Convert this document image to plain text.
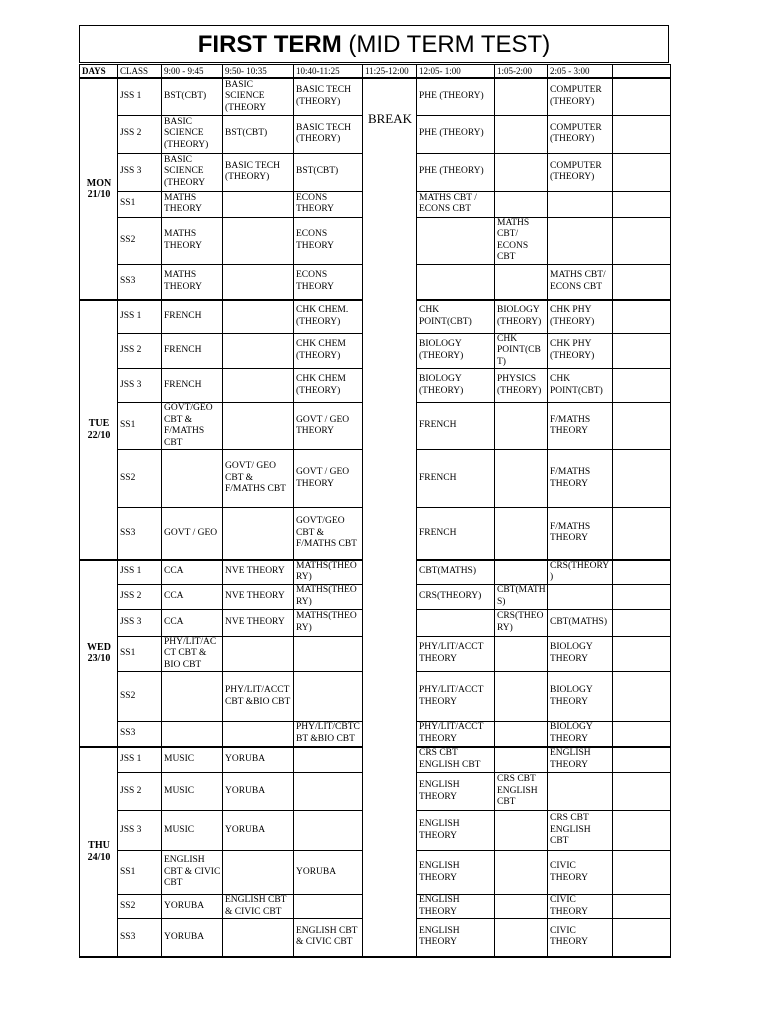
FIRST TERM (MID TERM TEST)
DAYS	CLASS	9:00 - 9:45	9:50- 10:35	10:40-11:25	11:25-12:00	12:05- 1:00	1:05-2:00	2:05 - 3:00	
MON
21/10	JSS 1	BST(CBT)	BASIC SCIENCE (THEORY	BASIC TECH (THEORY)	BREAK	PHE (THEORY)		COMPUTER (THEORY)	
	JSS 2	BASIC SCIENCE (THEORY)	BST(CBT)	BASIC TECH (THEORY)		PHE (THEORY)		COMPUTER (THEORY)	
	JSS 3	BASIC SCIENCE (THEORY	BASIC TECH (THEORY)	BST(CBT)		PHE (THEORY)		COMPUTER (THEORY)	
	SS1	MATHS THEORY		ECONS THEORY		MATHS CBT / ECONS CBT			
	SS2	MATHS THEORY		ECONS THEORY			MATHS CBT/ ECONS CBT		
	SS3	MATHS THEORY		ECONS THEORY				MATHS CBT/ ECONS CBT	
TUE
22/10	JSS 1	FRENCH		CHK CHEM. (THEORY)		CHK POINT(CBT)	BIOLOGY (THEORY)	CHK PHY (THEORY)	
	JSS 2	FRENCH		CHK CHEM (THEORY)		BIOLOGY (THEORY)	CHK POINT(CBT)	CHK PHY (THEORY)	
	JSS 3	FRENCH		CHK CHEM (THEORY)		BIOLOGY (THEORY)	PHYSICS (THEORY)	CHK POINT(CBT)	
	SS1	GOVT/GEO CBT & F/MATHS CBT		GOVT / GEO THEORY		FRENCH		F/MATHS THEORY	
	SS2		GOVT/ GEO CBT & F/MATHS CBT	GOVT / GEO THEORY		FRENCH		F/MATHS THEORY	
	SS3	GOVT / GEO		GOVT/GEO CBT & F/MATHS CBT		FRENCH		F/MATHS THEORY	
WED
23/10	JSS 1	CCA	NVE THEORY	MATHS(THEORY)		CBT(MATHS)		CRS(THEORY)	
	JSS 2	CCA	NVE THEORY	MATHS(THEORY)		CRS(THEORY)	CBT(MATHS)		
	JSS 3	CCA	NVE THEORY	MATHS(THEORY)			CRS(THEORY)	CBT(MATHS)	
	SS1	PHY/LIT/ACCT CBT & BIO CBT				PHY/LIT/ACCT THEORY		BIOLOGY THEORY	
	SS2		PHY/LIT/ACCT CBT &BIO CBT			PHY/LIT/ACCT THEORY		BIOLOGY THEORY	
	SS3			PHY/LIT/CBTCBT &BIO CBT		PHY/LIT/ACCT THEORY		BIOLOGY THEORY	
THU
24/10	JSS 1	MUSIC	YORUBA			CRS CBT ENGLISH CBT		ENGLISH THEORY	
	JSS 2	MUSIC	YORUBA			ENGLISH THEORY	CRS CBT ENGLISH CBT		
	JSS 3	MUSIC	YORUBA			ENGLISH THEORY		CRS CBT ENGLISH CBT	
	SS1	ENGLISH CBT & CIVIC CBT		YORUBA		ENGLISH THEORY		CIVIC THEORY	
	SS2	YORUBA	ENGLISH CBT & CIVIC CBT			ENGLISH THEORY		CIVIC THEORY	
	SS3	YORUBA		ENGLISH CBT & CIVIC CBT		ENGLISH THEORY		CIVIC THEORY	
